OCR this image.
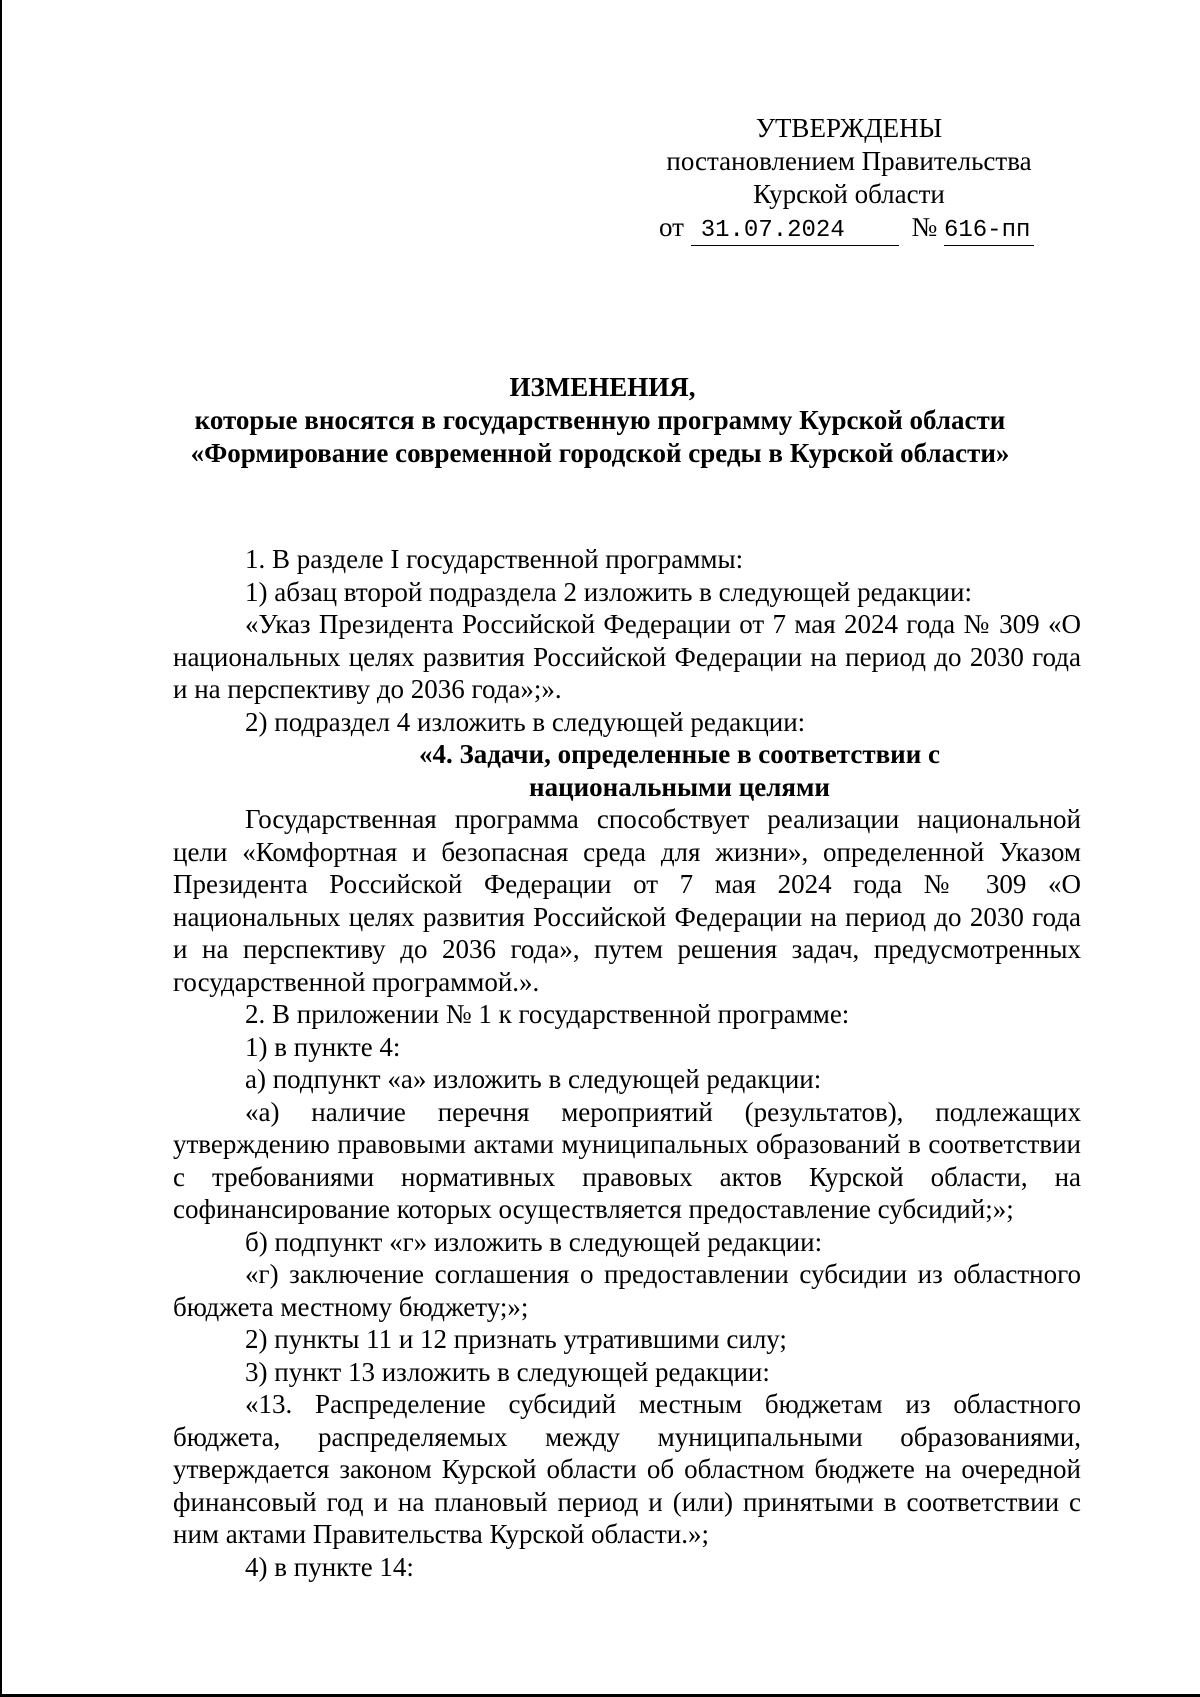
УТВЕРЖДЕНЫ
постановлением Правительства
Курской области
от 31.07.2024 № 616-пп
ИЗМЕНЕНИЯ,
которые вносятся в государственную программу Курской области
«Формирование современной городской среды в Курской области»

1. В разделе I государственной программы:

1) абзац второй подраздела 2 изложить в следующей редакции:

«Указ Президента Российской Федерации от 7 мая 2024 года № 309 «О национальных целях развития Российской Федерации на период до 2030 года и на перспективу до 2036 года»;».

2) подраздел 4 изложить в следующей редакции:

«4. Задачи, определенные в соответствии с

национальными целями

Государственная программа способствует реализации национальной цели «Комфортная и безопасная среда для жизни», определенной Указом Президента Российской Федерации от 7 мая 2024 года № 309 «О национальных целях развития Российской Федерации на период до 2030 года и на перспективу до 2036 года», путем решения задач, предусмотренных государственной программой.».

2. В приложении № 1 к государственной программе:

1) в пункте 4:

а) подпункт «а» изложить в следующей редакции:

«а) наличие перечня мероприятий (результатов), подлежащих утверждению правовыми актами муниципальных образований в соответствии с требованиями нормативных правовых актов Курской области, на софинансирование которых осуществляется предоставление субсидий;»;

б) подпункт «г» изложить в следующей редакции:

«г) заключение соглашения о предоставлении субсидии из областного бюджета местному бюджету;»;

2) пункты 11 и 12 признать утратившими силу;

3) пункт 13 изложить в следующей редакции:

«13. Распределение субсидий местным бюджетам из областного бюджета, распределяемых между муниципальными образованиями, утверждается законом Курской области об областном бюджете на очередной финансовый год и на плановый период и (или) принятыми в соответствии с ним актами Правительства Курской области.»;

4) в пункте 14:
